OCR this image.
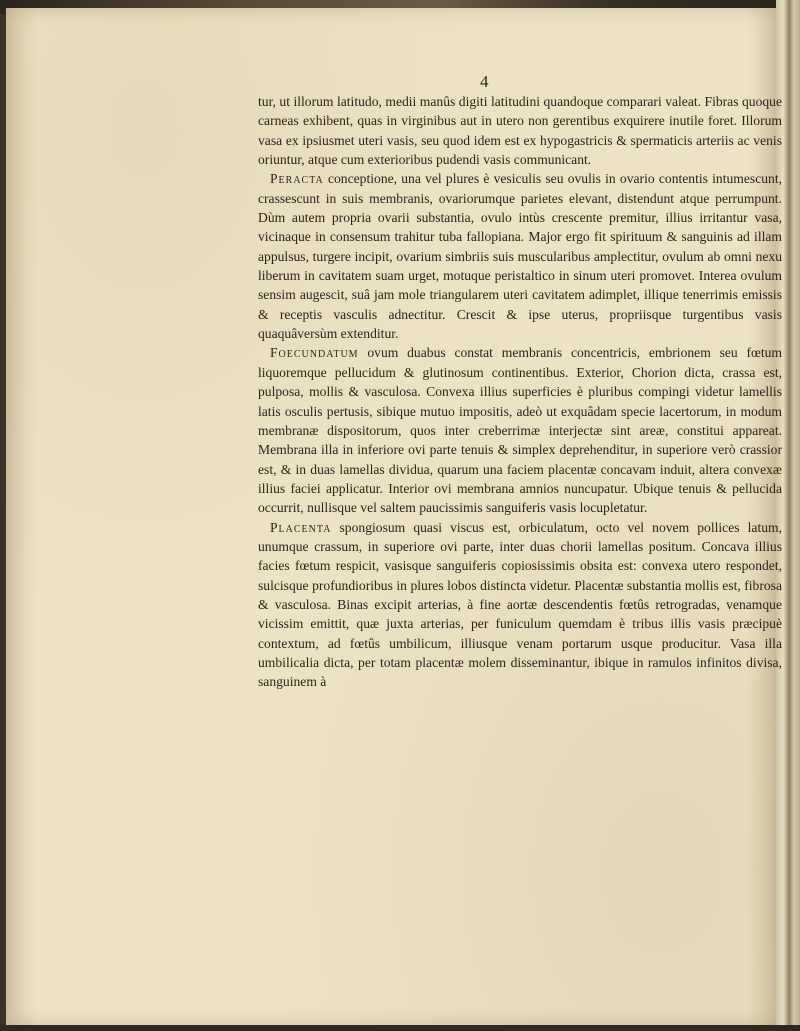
4

tur, ut illorum latitudo, medii manûs digiti latitudini quandoque comparari valeat. Fibras quoque carneas exhibent, quas in virginibus aut in utero non gerentibus exquirere inutile foret. Illorum vasa ex ipsiusmet uteri vasis, seu quod idem est ex hypogastricis & spermaticis arteriis ac venis oriuntur, atque cum exterioribus pudendi vasis communicant.

Peracta conceptione, una vel plures è vesiculis seu ovulis in ovario contentis intumescunt, crassescunt in suis membranis, ovariorumque parietes elevant, distendunt atque perrumpunt. Dùm autem propria ovarii substantia, ovulo intùs crescente premitur, illius irritantur vasa, vicinaque in consensum trahitur tuba fallopiana. Major ergo fit spirituum & sanguinis ad illam appulsus, turgere incipit, ovarium simbriis suis muscularibus amplectitur, ovulum ab omni nexu liberum in cavitatem suam urget, motuque peristaltico in sinum uteri promovet. Interea ovulum sensim augescit, suâ jam mole triangularem uteri cavitatem adimplet, illique tenerrimis emissis & receptis vasculis adnectitur. Crescit & ipse uterus, propriisque turgentibus vasis quaquâversùm extenditur.

Foecundatum ovum duabus constat membranis concentricis, embrionem seu fœtum liquoremque pellucidum & glutinosum continentibus. Exterior, Chorion dicta, crassa est, pulposa, mollis & vasculosa. Convexa illius superficies è pluribus compingi videtur lamellis latis osculis pertusis, sibique mutuo impositis, adeò ut exquâdam specie lacertorum, in modum membranæ dispositorum, quos inter creberrimæ interjectæ sint areæ, constitui appareat. Membrana illa in inferiore ovi parte tenuis & simplex deprehenditur, in superiore verò crassior est, & in duas lamellas dividua, quarum una faciem placentæ concavam induit, altera convexæ illius faciei applicatur. Interior ovi membrana amnios nuncupatur. Ubique tenuis & pellucida occurrit, nullisque vel saltem paucissimis sanguiferis vasis locupletatur.

Placenta spongiosum quasi viscus est, orbiculatum, octo vel novem pollices latum, unumque crassum, in superiore ovi parte, inter duas chorii lamellas positum. Concava illius facies fœtum respicit, vasisque sanguiferis copiosissimis obsita est: convexa utero respondet, sulcisque profundioribus in plures lobos distincta videtur. Placentæ substantia mollis est, fibrosa & vasculosa. Binas excipit arterias, à fine aortæ descendentis fœtûs retrogradas, venamque vicissim emittit, quæ juxta arterias, per funiculum quemdam è tribus illis vasis præcipuè contextum, ad fœtûs umbilicum, illiusque venam portarum usque producitur. Vasa illa umbilicalia dicta, per totam placentæ molem disseminantur, ibique in ramulos infinitos divisa, sanguinem à
